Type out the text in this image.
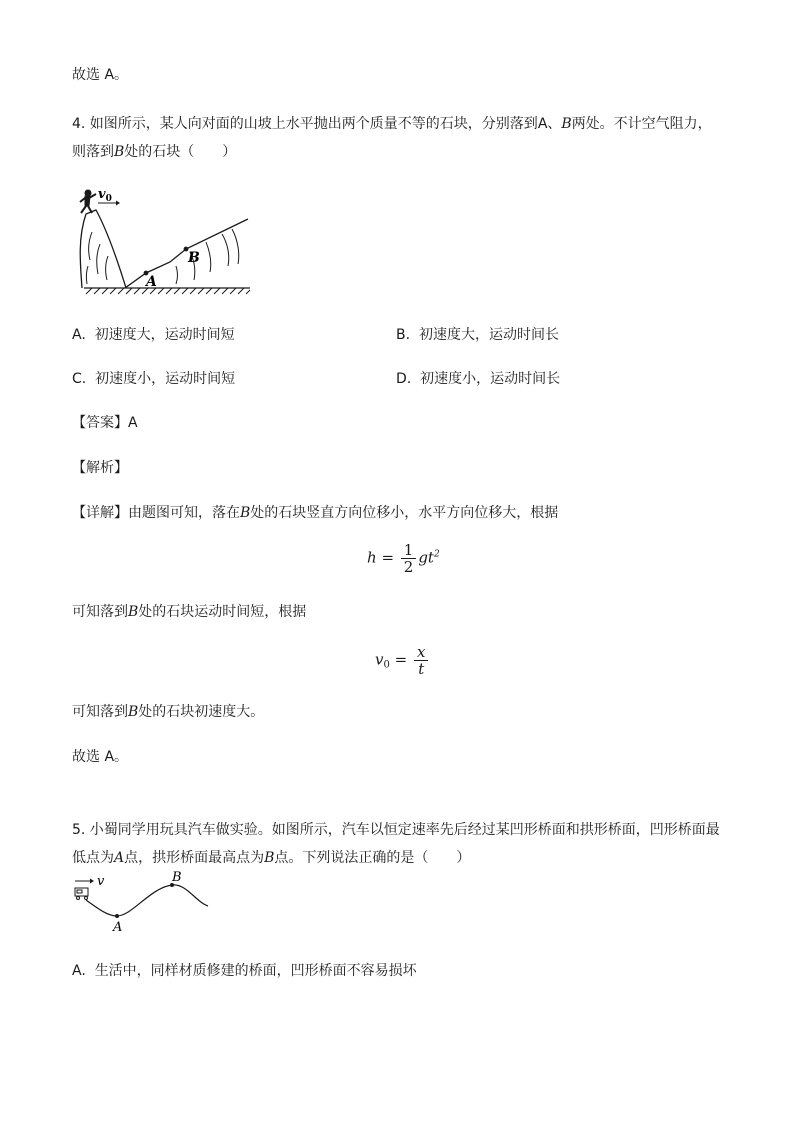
故选 A。
4. 如图所示，某人向对面的山坡上水平抛出两个质量不等的石块，分别落到A、B两处。不计空气阻力，
则落到B处的石块（　　）
$v_0$
A
B
A. 初速度大，运动时间短	B. 初速度大，运动时间长
C. 初速度小，运动时间短	D. 初速度小，运动时间长
【答案】A
【解析】
【详解】由题图可知，落在B处的石块竖直方向位移小，水平方向位移大，根据
$h = \frac{1}{2} gt^2$
可知落到B处的石块运动时间短，根据
$v_0 = \frac{x}{t}$
可知落到B处的石块初速度大。
故选 A。
5. 小蜀同学用玩具汽车做实验。如图所示，汽车以恒定速率先后经过某凹形桥面和拱形桥面，凹形桥面最
低点为A点，拱形桥面最高点为B点。下列说法正确的是（　　）
v
A
B
A. 生活中，同样材质修建的桥面，凹形桥面不容易损坏
